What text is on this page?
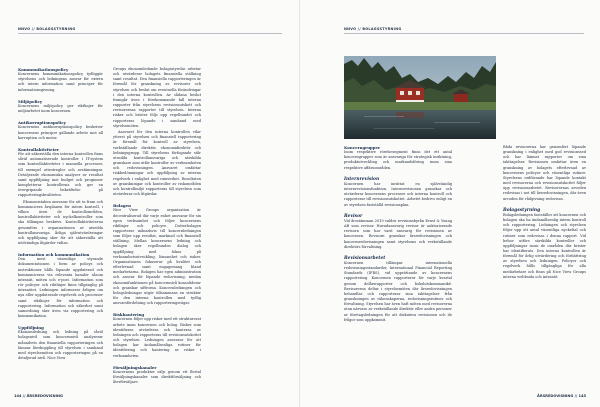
NNVO // BOLAGSSTYRNING
Kommunikationspolicy

Koncernens kommunikationspolicy tydliggör styrelsens och ledningens ansvar för extern och intern information samt principer för informationsgivning.

Miljöpolicy

Koncernens miljöpolicy ger riktlinjer för miljöarbetet inom koncernen.

Antikorruptionspolicy

Koncernens antikorruptionspolicy beskriver koncernens principer gällande arbete mot all korruption och mutor.

Kontrollaktiviteter

För att säkerställa den interna kontrollen finns såväl automatiserade kontroller i IT-system som kontrollaktiviteter i manuella processer, till exempel attestregler och avstämningar. Detaljerade ekonomiska analyser av resultat samt uppföljning mot budget och prognoser kompletterar kontrollerna och ger en övergripande bekräftelse på rapporteringskvaliteten.

Ekonomistaben ansvarar för att ta fram och kommunicera årsplanen för intern kontroll, i vilken även de kontrollområden, kontrollaktiviteter och nyckelkontroller som ska tillämpas beskrivs. Kontrollaktiviteterna genomförs i organisationen av utsedda kontrollansvariga. Årliga självutvärderingar och uppföljning sker för att säkerställa att nödvändiga åtgärder vidtas.

Information och kommunikation

Den mest väsentliga styrande dokumentationen i form av policys och instruktioner hålls löpande uppdaterad och kommuniceras via relevanta kanaler såsom intranät, möten och e-post. Information som rör policyer och riktlinjer finns tillgänglig på intranätet. Ledningen informerar årligen om nya eller uppdaterade regelverk och processer samt riktlinjer för information och rapportering. Information och säkerhet samt samordning sker även via rapportering och kommunikation.

Uppföljning

Ekonomiledning och ledning på såväl bolagsnivå som koncernnivå analyserar månadsvis den finansiella rapporteringen och lämnar återkoppling till styrelsen i samband med styrelsemöten och rapporteringen på en detaljerad nivå. Nice View

Groups ekonomiledande bolagsstyrelse arbetar och utvärderar bolagets finansiella ställning samt resultat. Den finansiella rapporteringen är föremål för granskning av revisorer och styrelsen och beslut om eventuella förändringar i den interna kontrollen. Av sådana beslut framgår även i förekommande fall interna rapporter från styrelsens revisionsutskott och revisorernas rapporter till styrelsen. Interna risker och brister följs upp regelbundet och rapporteras löpande i samband med styrelsemöten.

Ansvaret för den interna kontrollen vilar ytterst på styrelsen och finansiell rapportering är föremål för kontroll av styrelsen, verkställande direktör, ekonomidirektör och ledningsgrupp. Till styrelsens förfogande står utsedda kontrollansvariga och särskilda granskare som utför kontroller av verksamheten och redovisningen. Ansvaret omfattar riskbedömningar och uppföljning av interna regelverk i enlighet med ramverket. Resultaten av granskningar och kontroller av riskområden och kontrollmiljö rapporteras till styrelsen som utvärderar och åtgärdar.

Bolagen

Nice View Groups organisation är decentraliserad där varje enhet ansvarar för sin egen verksamhet och följer koncernens riktlinjer och policyer. Dotterbolagen rapporterar månadsvis till koncernledningen som följer upp resultat, marknad och finansiell ställning. Mellan koncernens ledning och bolagen sker regelbunden dialog och uppföljning med fokus på verksamhetsutveckling, lönsamhet och risker. Organisationen fokuserar på kvalitet och efterlevnad samt engagemang bland medarbetarna. Bolagen har egen administration och ansvar för löpande redovisning, medan ekonomifunktionen på koncernnivå konsoliderar och granskar siffrorna. Koncernledningen och bolagsledningar utgör tillsammans en struktur för den interna kontrollen med tydlig ansvarsfördelning och rapporteringsvägar.

Riskhantering

Koncernen följer upp risker med ett strukturerat arbete inom koncernen och bolag. Risker som identifieras utvärderas och hanteras av ledningen och rapporteras till revisionsutskottet och styrelsen. Ledningen ansvarar för att bolagen har ändamålsenliga rutiner för identifiering och hantering av risker i verksamheten.

Försäljningskanaler

Koncernens produkter säljs genom ett flertal försäljningskanaler som direktförsäljning och återförsäljare.

144 // ÅRSREDOVISNING
NNVO // BOLAGSSTYRNING
Koncerngrupper

Inom respektive rörelsesegment finns det ett antal koncerngrupper som är ansvariga för strategisk inriktning, produktutveckling och marknadsföring inom sina respektive affärsområden.

Internrevision

Koncernen har inrättat en självständig internrevisionsfunktion. Internrevisionen granskar och utvärderar koncernens processer och interna kontroll och rapporterar till revisionsutskottet. Arbetet bedrivs enligt en av styrelsen fastställd revisionsplan.

Revisor

Vid årsstämman 2019 valdes revisionsbyrån Ernst & Young AB som revisor. Huvudansvarig revisor är auktoriserade revisorn som har varit ansvarig för revisionen av koncernen. Revisorn granskar årsredovisningen och koncernredovisningen samt styrelsens och verkställande direktörs förvaltning.

Revisionsarbetet

Koncernen tillämpar internationella redovisningsstandarder, International Financial Reporting Standards (IFRS), vid upprättande av koncernens rapportering. Koncernen rapporterar för varje kvartal genom delårsrapporter och bokslutskommuniké. Revisorerna deltar i styrelsemöten där årsredovisningen behandlas och rapporterar sina iakttagelser från granskningen av räkenskaperna, redovisningsrutiner och förvaltning. Styrelsen har även haft möten med revisorerna utan närvaro av verkställande direktör eller andra personer ur företagsledningen för att diskutera revisionen och de frågor som uppkommit.

Båda revisorerna har genomfört löpande granskning i enlighet med god revisionssed och har lämnat rapporter om sina iakttagelser. Revisionen omfattar även en granskning av bolagets efterlevnad av koncernens policyer och väsentliga rutiner. Styrelsens ordförande har löpande kontakt med revisorerna och revisionsutskottet följer upp revisionsarbetet. Revisorernas arvoden redovisas i not till årsredovisningen, där även arvoden för rådgivning redovisas.

Bolagsstyrning

Bolagsledningen fastställer att koncernen och bolagen ska ha ändamålsenlig intern kontroll och rapportering. Ledningen och styrelsen följer upp ett antal väsentliga nyckeltal och rutiner som redovisas i denna rapport. Vid behov utförs särskilda kontroller och uppföljningar inom de områden där brister har identifierats. Den interna kontrollen är föremål för årlig utvärdering och förbättring av styrelsen och ledningen. Policyer och regelverk hålls tillgängliga för alla medarbetare och finns på Nice View Groups interna webbsida och intranät.

ÅRSREDOVISNING // 145
